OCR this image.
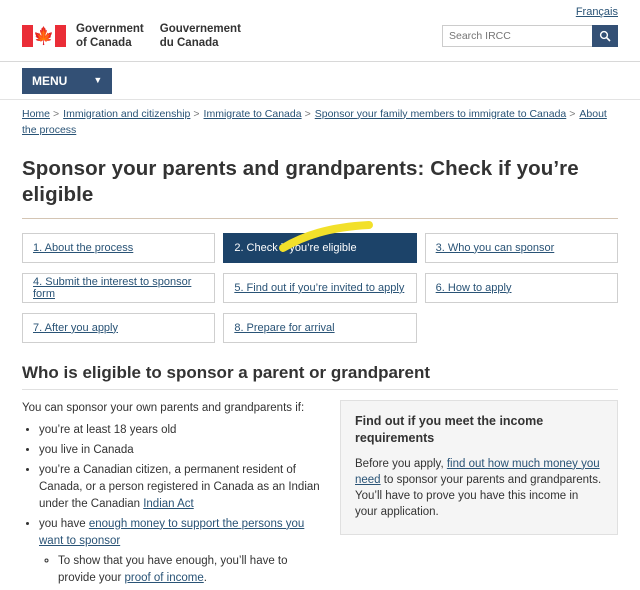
Français
🍁 Government
of Canada
Gouvernement
du Canada
Search IRCC
MENU	▼
Home > Immigration and citizenship > Immigrate to Canada > Sponsor your family members to immigrate to Canada > About the process
Sponsor your parents and grandparents: Check if you’re eligible
1. About the process	2. Check if you’re eligible	3. Who you can sponsor
4. Submit the interest to sponsor form	5. Find out if you’re invited to apply	6. How to apply
7. After you apply	8. Prepare for arrival
Who is eligible to sponsor a parent or grandparent

You can sponsor your own parents and grandparents if:

• you’re at least 18 years old
• you live in Canada
• you’re a Canadian citizen, a permanent resident of Canada, or a person registered in Canada as an Indian under the Canadian Indian Act
• you have enough money to support the persons you want to sponsor
◦ To show that you have enough, you’ll have to provide your proof of income.
Find out if you meet the income requirements

Before you apply, find out how much money you need to sponsor your parents and grandparents. You’ll have to prove you have this income in your application.
